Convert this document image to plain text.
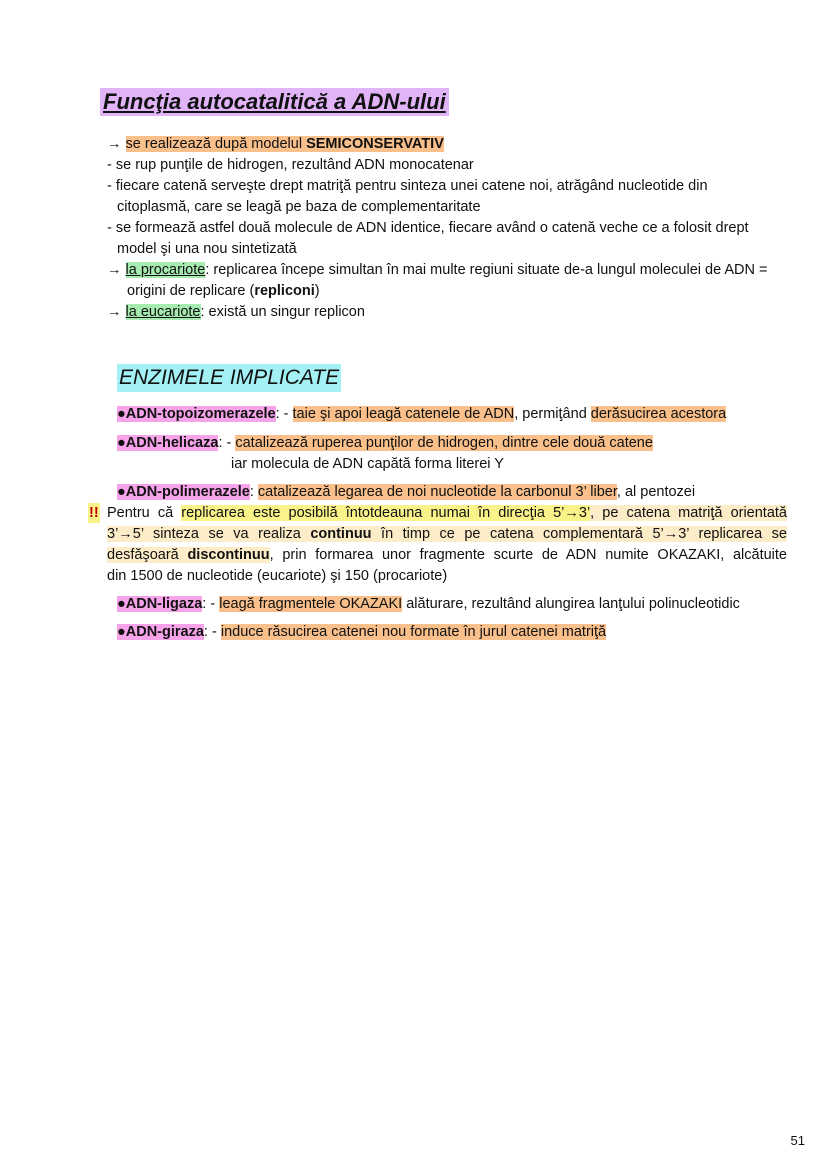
Funcţia autocatalitică a ADN-ului
→ se realizează după modelul SEMICONSERVATIV
- se rup punţile de hidrogen, rezultând ADN monocatenar
- fiecare catenă serveşte drept matriţă pentru sinteza unei catene noi, atrăgând nucleotide din
citoplasmă, care se leagă pe baza de complementaritate
- se formează astfel două molecule de ADN identice, fiecare având o catenă veche ce a folosit drept
model şi una nou sintetizată
→ la procariote: replicarea începe simultan în mai multe regiuni situate de-a lungul moleculei de ADN =
origini de replicare (repliconi)
→ la eucariote: există un singur replicon
ENZIMELE IMPLICATE
●ADN-topoizomerazele: - taie şi apoi leagă catenele de ADN, permiţând derăsucirea acestora
●ADN-helicaza: - catalizează ruperea punţilor de hidrogen, dintre cele două catene
iar molecula de ADN capătă forma literei Y
●ADN-polimerazele: catalizează legarea de noi nucleotide la carbonul 3’ liber, al pentozei
!! Pentru că replicarea este posibilă întotdeauna numai în direcţia 5’→3’, pe catena matriţă orientată
3’→5’ sinteza se va realiza continuu în timp ce pe catena complementară 5’→3’ replicarea se
desfăşoară discontinuu, prin formarea unor fragmente scurte de ADN numite OKAZAKI, alcătuite
din 1500 de nucleotide (eucariote) şi 150 (procariote)
●ADN-ligaza: - leagă fragmentele OKAZAKI alăturare, rezultând alungirea lanţului polinucleotidic
●ADN-giraza: - induce răsucirea catenei nou formate în jurul catenei matriţă
51
